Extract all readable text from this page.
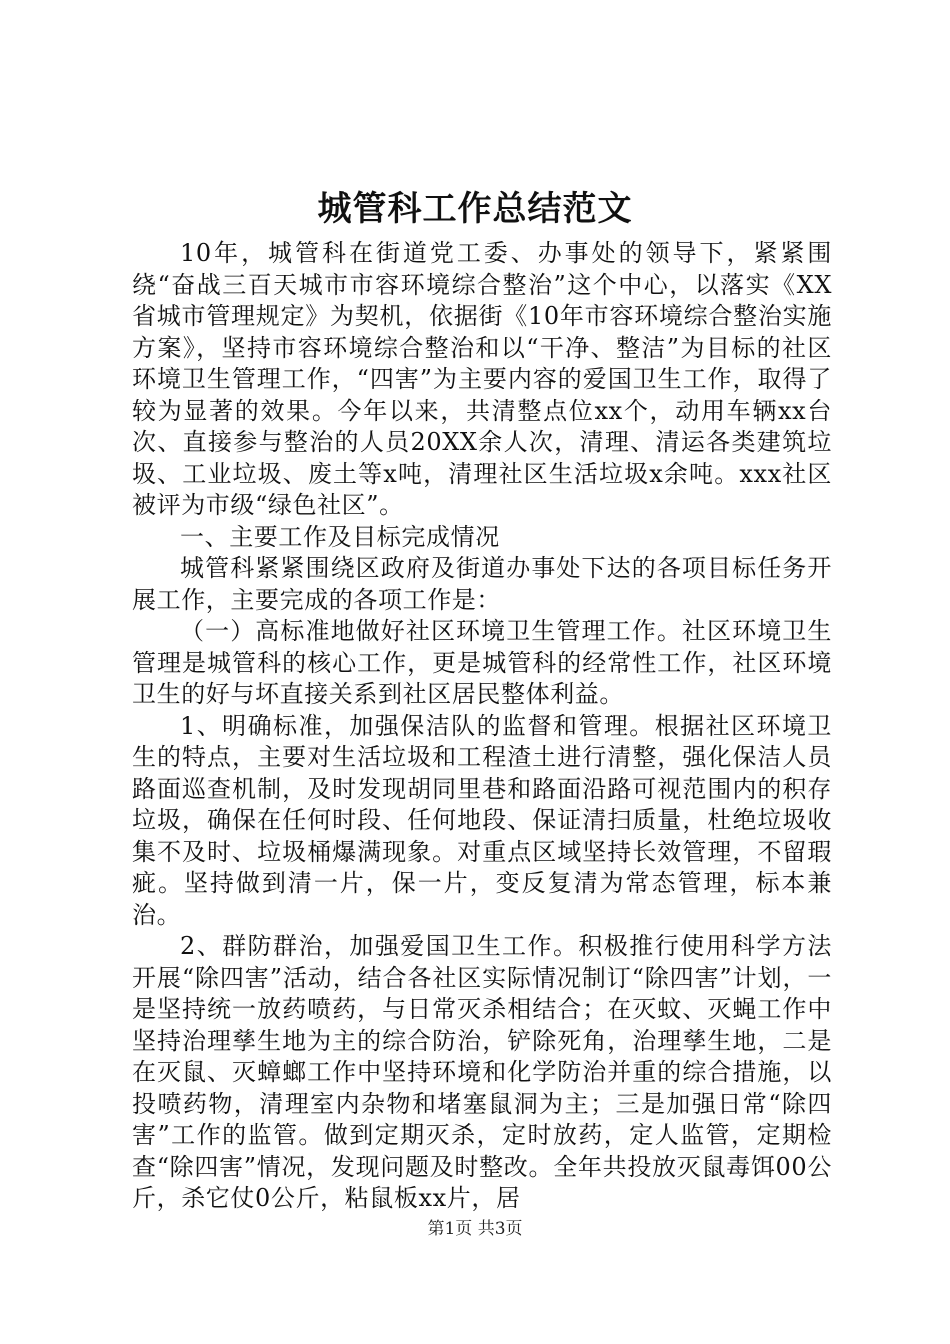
城管科工作总结范文

10年，城管科在街道党工委、办事处的领导下，紧紧围绕“奋战三百天城市市容环境综合整治”这个中心，以落实《XX省城市管理规定》为契机，依据街《10年市容环境综合整治实施方案》，坚持市容环境综合整治和以“干净、整洁”为目标的社区环境卫生管理工作，“四害”为主要内容的爱国卫生工作，取得了较为显著的效果。今年以来，共清整点位xx个，动用车辆xx台次、直接参与整治的人员20XX余人次，清理、清运各类建筑垃圾、工业垃圾、废土等x吨，清理社区生活垃圾x余吨。xxx社区被评为市级“绿色社区”。

一、主要工作及目标完成情况

城管科紧紧围绕区政府及街道办事处下达的各项目标任务开展工作，主要完成的各项工作是：

（一）高标准地做好社区环境卫生管理工作。社区环境卫生管理是城管科的核心工作，更是城管科的经常性工作，社区环境卫生的好与坏直接关系到社区居民整体利益。

1、明确标准，加强保洁队的监督和管理。根据社区环境卫生的特点，主要对生活垃圾和工程渣土进行清整，强化保洁人员路面巡查机制，及时发现胡同里巷和路面沿路可视范围内的积存垃圾，确保在任何时段、任何地段、保证清扫质量，杜绝垃圾收集不及时、垃圾桶爆满现象。对重点区域坚持长效管理，不留瑕疵。坚持做到清一片，保一片，变反复清为常态管理，标本兼治。

2、群防群治，加强爱国卫生工作。积极推行使用科学方法开展“除四害”活动，结合各社区实际情况制订“除四害”计划，一是坚持统一放药喷药，与日常灭杀相结合；在灭蚊、灭蝇工作中坚持治理孳生地为主的综合防治，铲除死角，治理孳生地，二是在灭鼠、灭蟑螂工作中坚持环境和化学防治并重的综合措施，以投喷药物，清理室内杂物和堵塞鼠洞为主；三是加强日常“除四害”工作的监管。做到定期灭杀，定时放药，定人监管，定期检查“除四害”情况，发现问题及时整改。全年共投放灭鼠毒饵00公斤，杀它仗0公斤，粘鼠板xx片，居

第1页 共3页
